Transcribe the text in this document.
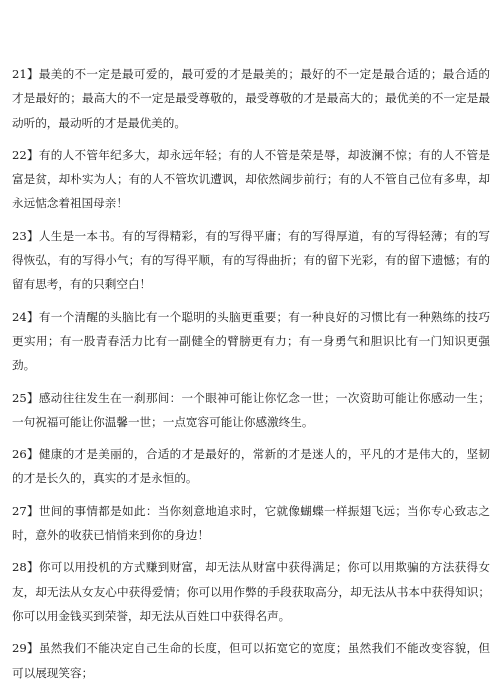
21】最美的不一定是最可爱的，最可爱的才是最美的；最好的不一定是最合适的；最合适的才是最好的；最高大的不一定是最受尊敬的，最受尊敬的才是最高大的；最优美的不一定是最动听的，最动听的才是最优美的。

22】有的人不管年纪多大，却永远年轻；有的人不管是荣是辱，却波澜不惊；有的人不管是富是贫，却朴实为人；有的人不管坎讥遭讽，却依然阔步前行；有的人不管自己位有多卑，却永远惦念着祖国母亲！

23】人生是一本书。有的写得精彩，有的写得平庸；有的写得厚道，有的写得轻薄；有的写得恢弘，有的写得小气；有的写得平顺，有的写得曲折；有的留下光彩，有的留下遗憾；有的留有思考，有的只剩空白！

24】有一个清醒的头脑比有一个聪明的头脑更重要；有一种良好的习惯比有一种熟练的技巧更实用；有一股青春活力比有一副健全的臂膀更有力；有一身勇气和胆识比有一门知识更强劲。

25】感动往往发生在一刹那间：一个眼神可能让你忆念一世；一次资助可能让你感动一生；一句祝福可能让你温馨一世；一点宽容可能让你感激终生。

26】健康的才是美丽的，合适的才是最好的，常新的才是迷人的，平凡的才是伟大的，坚韧的才是长久的，真实的才是永恒的。

27】世间的事情都是如此：当你刻意地追求时，它就像蝴蝶一样振翅飞远；当你专心致志之时，意外的收获已悄悄来到你的身边！

28】你可以用投机的方式赚到财富，却无法从财富中获得满足；你可以用欺骗的方法获得女友，却无法从女友心中获得爱情；你可以用作弊的手段获取高分，却无法从书本中获得知识；你可以用金钱买到荣誉，却无法从百姓口中获得名声。

29】虽然我们不能决定自己生命的长度，但可以拓宽它的宽度；虽然我们不能改变容貌，但可以展现笑容；
